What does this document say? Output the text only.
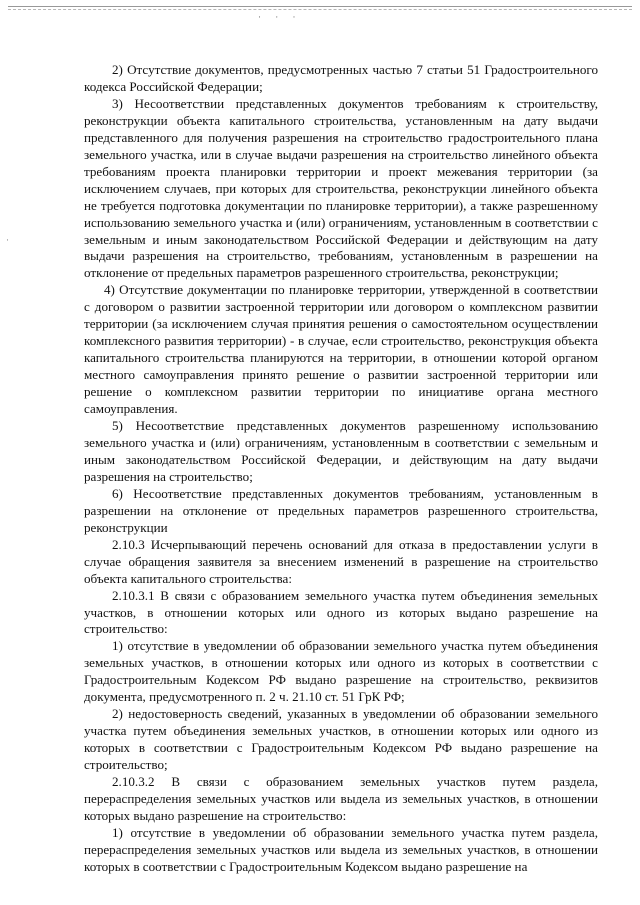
· · ·
·

2) Отсутствие документов, предусмотренных частью 7 статьи 51 Градостроительного кодекса Российской Федерации;

3) Несоответствии представленных документов требованиям к строительству, реконструкции объекта капитального строительства, установленным на дату выдачи представленного для получения разрешения на строительство градостроительного плана земельного участка, или в случае выдачи разрешения на строительство линейного объекта требованиям проекта планировки территории и проект межевания территории (за исключением случаев, при которых для строительства, реконструкции линейного объекта не требуется подготовка документации по планировке территории), а также разрешенному использованию земельного участка и (или) ограничениям, установленным в соответствии с земельным и иным законодательством Российской Федерации и действующим на дату выдачи разрешения на строительство, требованиям, установленным в разрешении на отклонение от предельных параметров разрешенного строительства, реконструкции;

4) Отсутствие документации по планировке территории, утвержденной в соответствии с договором о развитии застроенной территории или договором о комплексном развитии территории (за исключением случая принятия решения о самостоятельном осуществлении комплексного развития территории) - в случае, если строительство, реконструкция объекта капитального строительства планируются на территории, в отношении которой органом местного самоуправления принято решение о развитии застроенной территории или решение о комплексном развитии территории по инициативе органа местного самоуправления.

5) Несоответствие представленных документов разрешенному использованию земельного участка и (или) ограничениям, установленным в соответствии с земельным и иным законодательством Российской Федерации, и действующим на дату выдачи разрешения на строительство;

6) Несоответствие представленных документов требованиям, установленным в разрешении на отклонение от предельных параметров разрешенного строительства, реконструкции

2.10.3 Исчерпывающий перечень оснований для отказа в предоставлении услуги в случае обращения заявителя за внесением изменений в разрешение на строительство объекта капитального строительства:

2.10.3.1 В связи с образованием земельного участка путем объединения земельных участков, в отношении которых или одного из которых выдано разрешение на строительство:

1) отсутствие в уведомлении об образовании земельного участка путем объединения земельных участков, в отношении которых или одного из которых в соответствии с Градостроительным Кодексом РФ выдано разрешение на строительство, реквизитов документа, предусмотренного п. 2 ч. 21.10 ст. 51 ГрК РФ;

2) недостоверность сведений, указанных в уведомлении об образовании земельного участка путем объединения земельных участков, в отношении которых или одного из которых в соответствии с Градостроительным Кодексом РФ выдано разрешение на строительство;

2.10.3.2 В связи с образованием земельных участков путем раздела, перераспределения земельных участков или выдела из земельных участков, в отношении которых выдано разрешение на строительство:

1) отсутствие в уведомлении об образовании земельного участка путем раздела, перераспределения земельных участков или выдела из земельных участков, в отношении которых в соответствии с Градостроительным Кодексом выдано разрешение на
